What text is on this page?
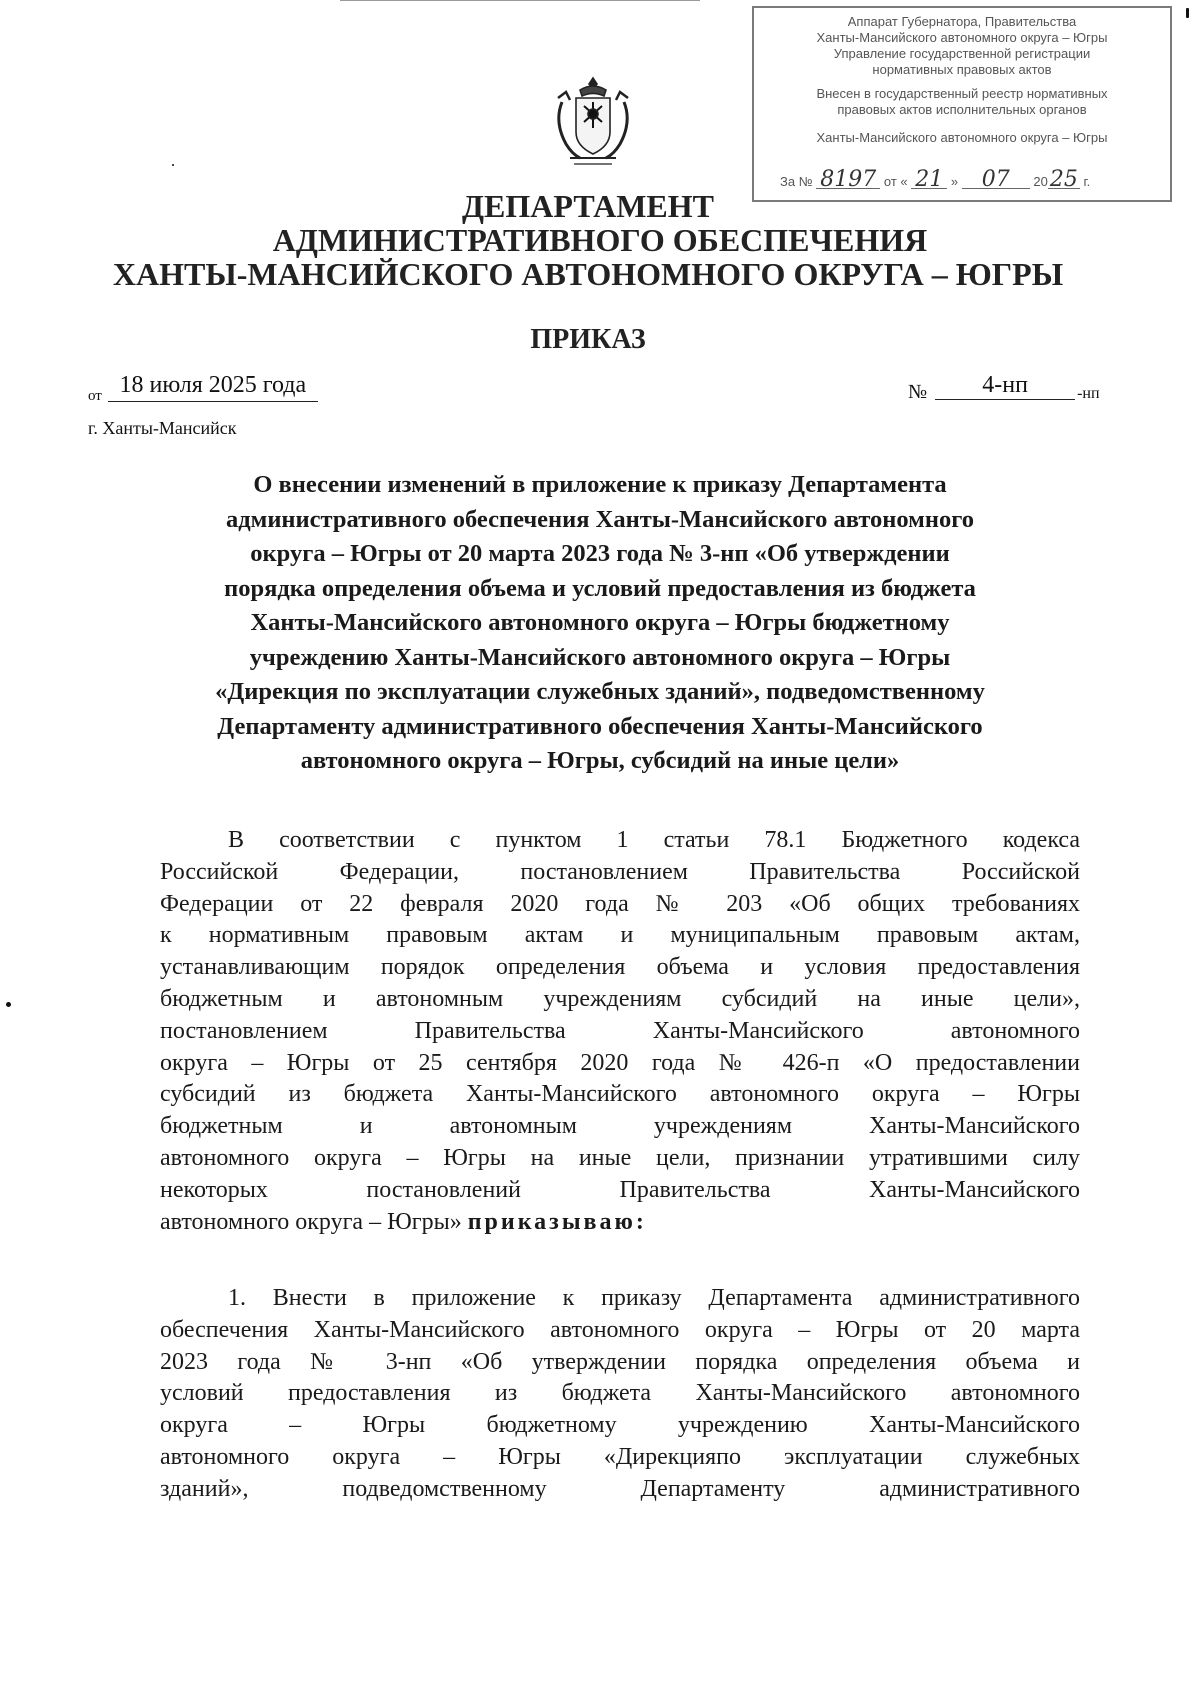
Аппарат Губернатора, Правительства
Ханты-Мансийского автономного округа – Югры
Управление государственной регистрации
нормативных правовых актов
Внесен в государственный реестр нормативных
правовых актов исполнительных органов
Ханты-Мансийского автономного округа – Югры
За № 8197 от « 21 » 07 2025 г.
ДЕПАРТАМЕНТ
АДМИНИСТРАТИВНОГО ОБЕСПЕЧЕНИЯ
ХАНТЫ-МАНСИЙСКОГО АВТОНОМНОГО ОКРУГА – ЮГРЫ
ПРИКАЗ
от 18 июля 2025 года	№ 4-нп	-нп
г. Ханты-Мансийск
О внесении изменений в приложение к приказу Департамента
административного обеспечения Ханты-Мансийского автономного
округа – Югры от 20 марта 2023 года № 3-нп «Об утверждении
порядка определения объема и условий предоставления из бюджета
Ханты-Мансийского автономного округа – Югры бюджетному
учреждению Ханты-Мансийского автономного округа – Югры
«Дирекция по эксплуатации служебных зданий», подведомственному
Департаменту административного обеспечения Ханты-Мансийского
автономного округа – Югры, субсидий на иные цели»
В соответствии с пунктом 1 статьи 78.1 Бюджетного кодекса
Российской Федерации, постановлением Правительства Российской
Федерации от 22 февраля 2020 года № 203 «Об общих требованиях
к нормативным правовым актам и муниципальным правовым актам,
устанавливающим порядок определения объема и условия предоставления
бюджетным и автономным учреждениям субсидий на иные цели»,
постановлением Правительства Ханты-Мансийского автономного
округа – Югры от 25 сентября 2020 года № 426-п «О предоставлении
субсидий из бюджета Ханты-Мансийского автономного округа – Югры
бюджетным и автономным учреждениям Ханты-Мансийского
автономного округа – Югры на иные цели, признании утратившими силу
некоторых постановлений Правительства Ханты-Мансийского
автономного округа – Югры» приказываю:
1. Внести в приложение к приказу Департамента административного
обеспечения Ханты-Мансийского автономного округа – Югры от 20 марта
2023 года № 3-нп «Об утверждении порядка определения объема и
условий предоставления из бюджета Ханты-Мансийского автономного
округа – Югры бюджетному учреждению Ханты-Мансийского
автономного округа – Югры «Дирекцияпо эксплуатации служебных
зданий», подведомственному Департаменту административного
